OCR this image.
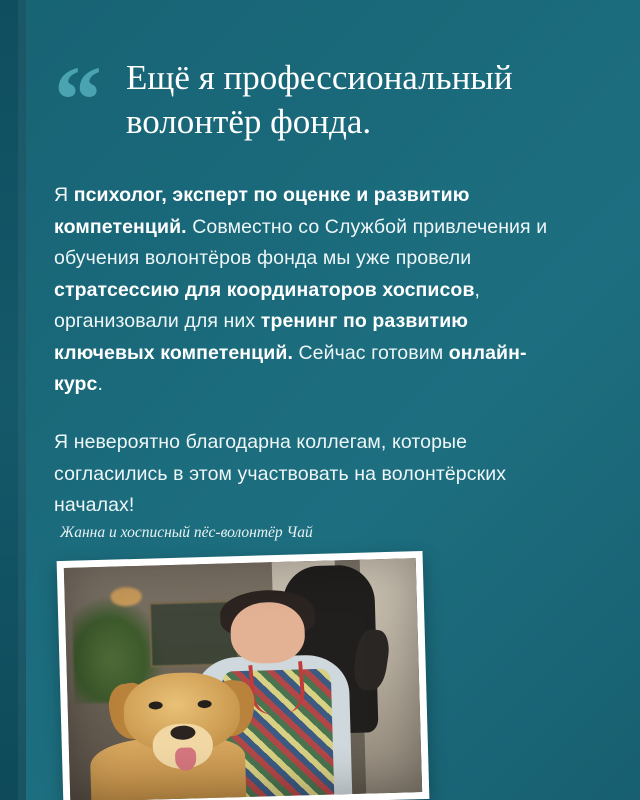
“ Ещё я профессиональный волонтёр фонда.
Я психолог, эксперт по оценке и развитию компетенций. Совместно со Службой привлечения и обучения волонтёров фонда мы уже провели стратсессию для координаторов хосписов, организовали для них тренинг по развитию ключевых компетенций. Сейчас готовим онлайн-курс.
Я невероятно благодарна коллегам, которые согласились в этом участвовать на волонтёрских началах!
Жанна и хосписный пёс-волонтёр Чай
